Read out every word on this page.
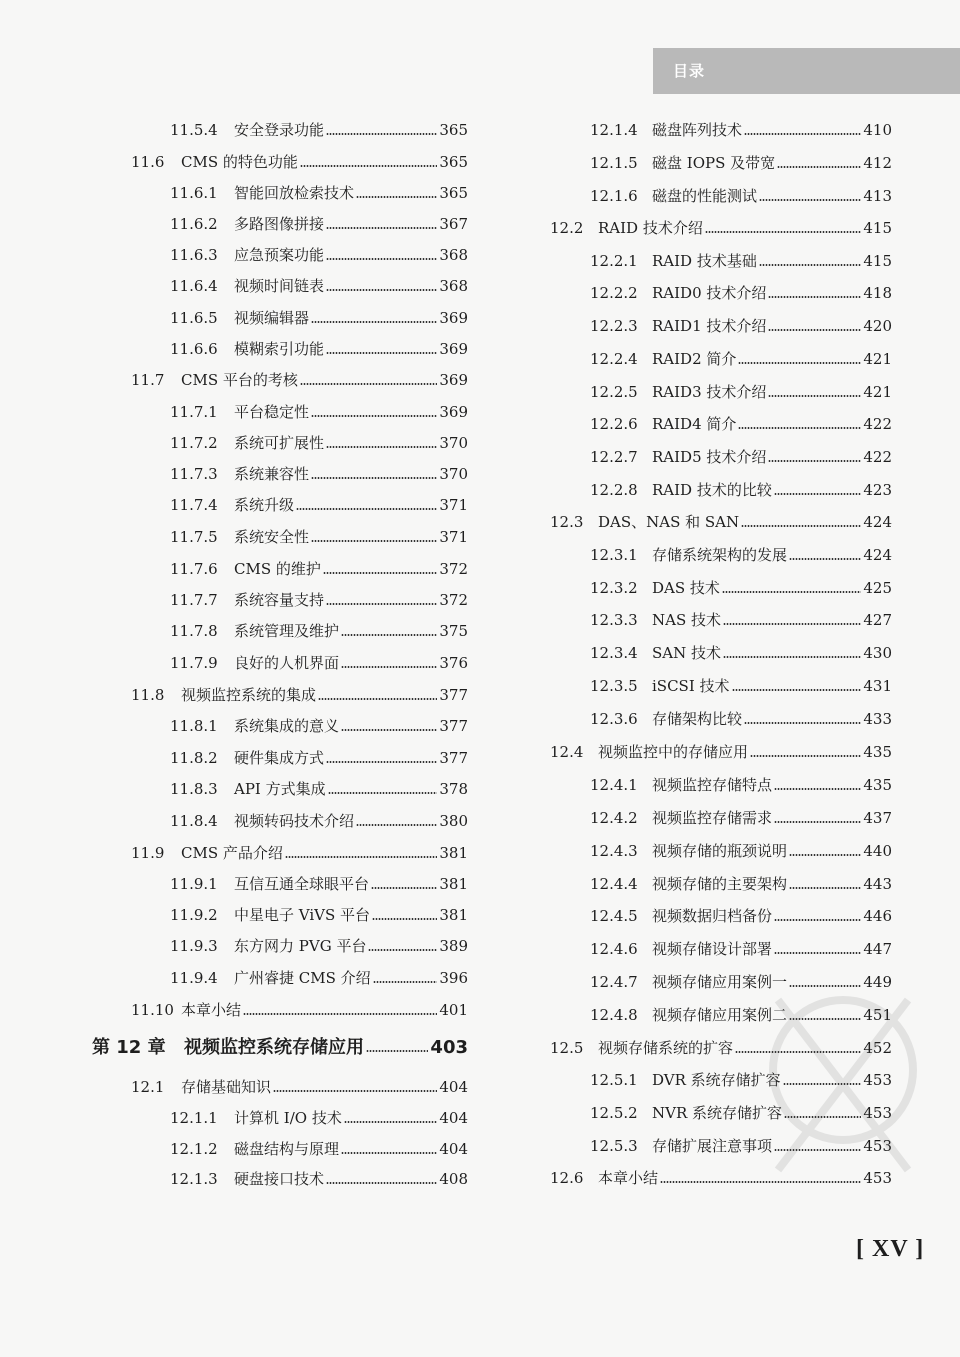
目录
11.5.4	安全登录功能	365
11.6	CMS 的特色功能	365
11.6.1	智能回放检索技术	365
11.6.2	多路图像拼接	367
11.6.3	应急预案功能	368
11.6.4	视频时间链表	368
11.6.5	视频编辑器	369
11.6.6	模糊索引功能	369
11.7	CMS 平台的考核	369
11.7.1	平台稳定性	369
11.7.2	系统可扩展性	370
11.7.3	系统兼容性	370
11.7.4	系统升级	371
11.7.5	系统安全性	371
11.7.6	CMS 的维护	372
11.7.7	系统容量支持	372
11.7.8	系统管理及维护	375
11.7.9	良好的人机界面	376
11.8	视频监控系统的集成	377
11.8.1	系统集成的意义	377
11.8.2	硬件集成方式	377
11.8.3	API 方式集成	378
11.8.4	视频转码技术介绍	380
11.9	CMS 产品介绍	381
11.9.1	互信互通全球眼平台	381
11.9.2	中星电子 ViVS 平台	381
11.9.3	东方网力 PVG 平台	389
11.9.4	广州睿捷 CMS 介绍	396
11.10 本章小结	401
第 12 章	视频监控系统存储应用	403
12.1	存储基础知识	404
12.1.1	计算机 I/O 技术	404
12.1.2	磁盘结构与原理	404
12.1.3	硬盘接口技术	408
12.1.4 磁盘阵列技术	410
12.1.5 磁盘 IOPS 及带宽	412
12.1.6 磁盘的性能测试	413
12.2 RAID 技术介绍	415
12.2.1 RAID 技术基础	415
12.2.2 RAID0 技术介绍	418
12.2.3 RAID1 技术介绍	420
12.2.4 RAID2 简介	421
12.2.5 RAID3 技术介绍	421
12.2.6 RAID4 简介	422
12.2.7 RAID5 技术介绍	422
12.2.8 RAID 技术的比较	423
12.3 DAS、NAS 和 SAN	424
12.3.1 存储系统架构的发展	424
12.3.2 DAS 技术	425
12.3.3 NAS 技术	427
12.3.4 SAN 技术	430
12.3.5 iSCSI 技术	431
12.3.6 存储架构比较	433
12.4 视频监控中的存储应用	435
12.4.1 视频监控存储特点	435
12.4.2 视频监控存储需求	437
12.4.3 视频存储的瓶颈说明	440
12.4.4 视频存储的主要架构	443
12.4.5 视频数据归档备份	446
12.4.6 视频存储设计部署	447
12.4.7 视频存储应用案例一	449
12.4.8 视频存储应用案例二	451
12.5 视频存储系统的扩容	452
12.5.1 DVR 系统存储扩容	453
12.5.2 NVR 系统存储扩容	453
12.5.3 存储扩展注意事项	453
12.6 本章小结	453
[ XV ]
